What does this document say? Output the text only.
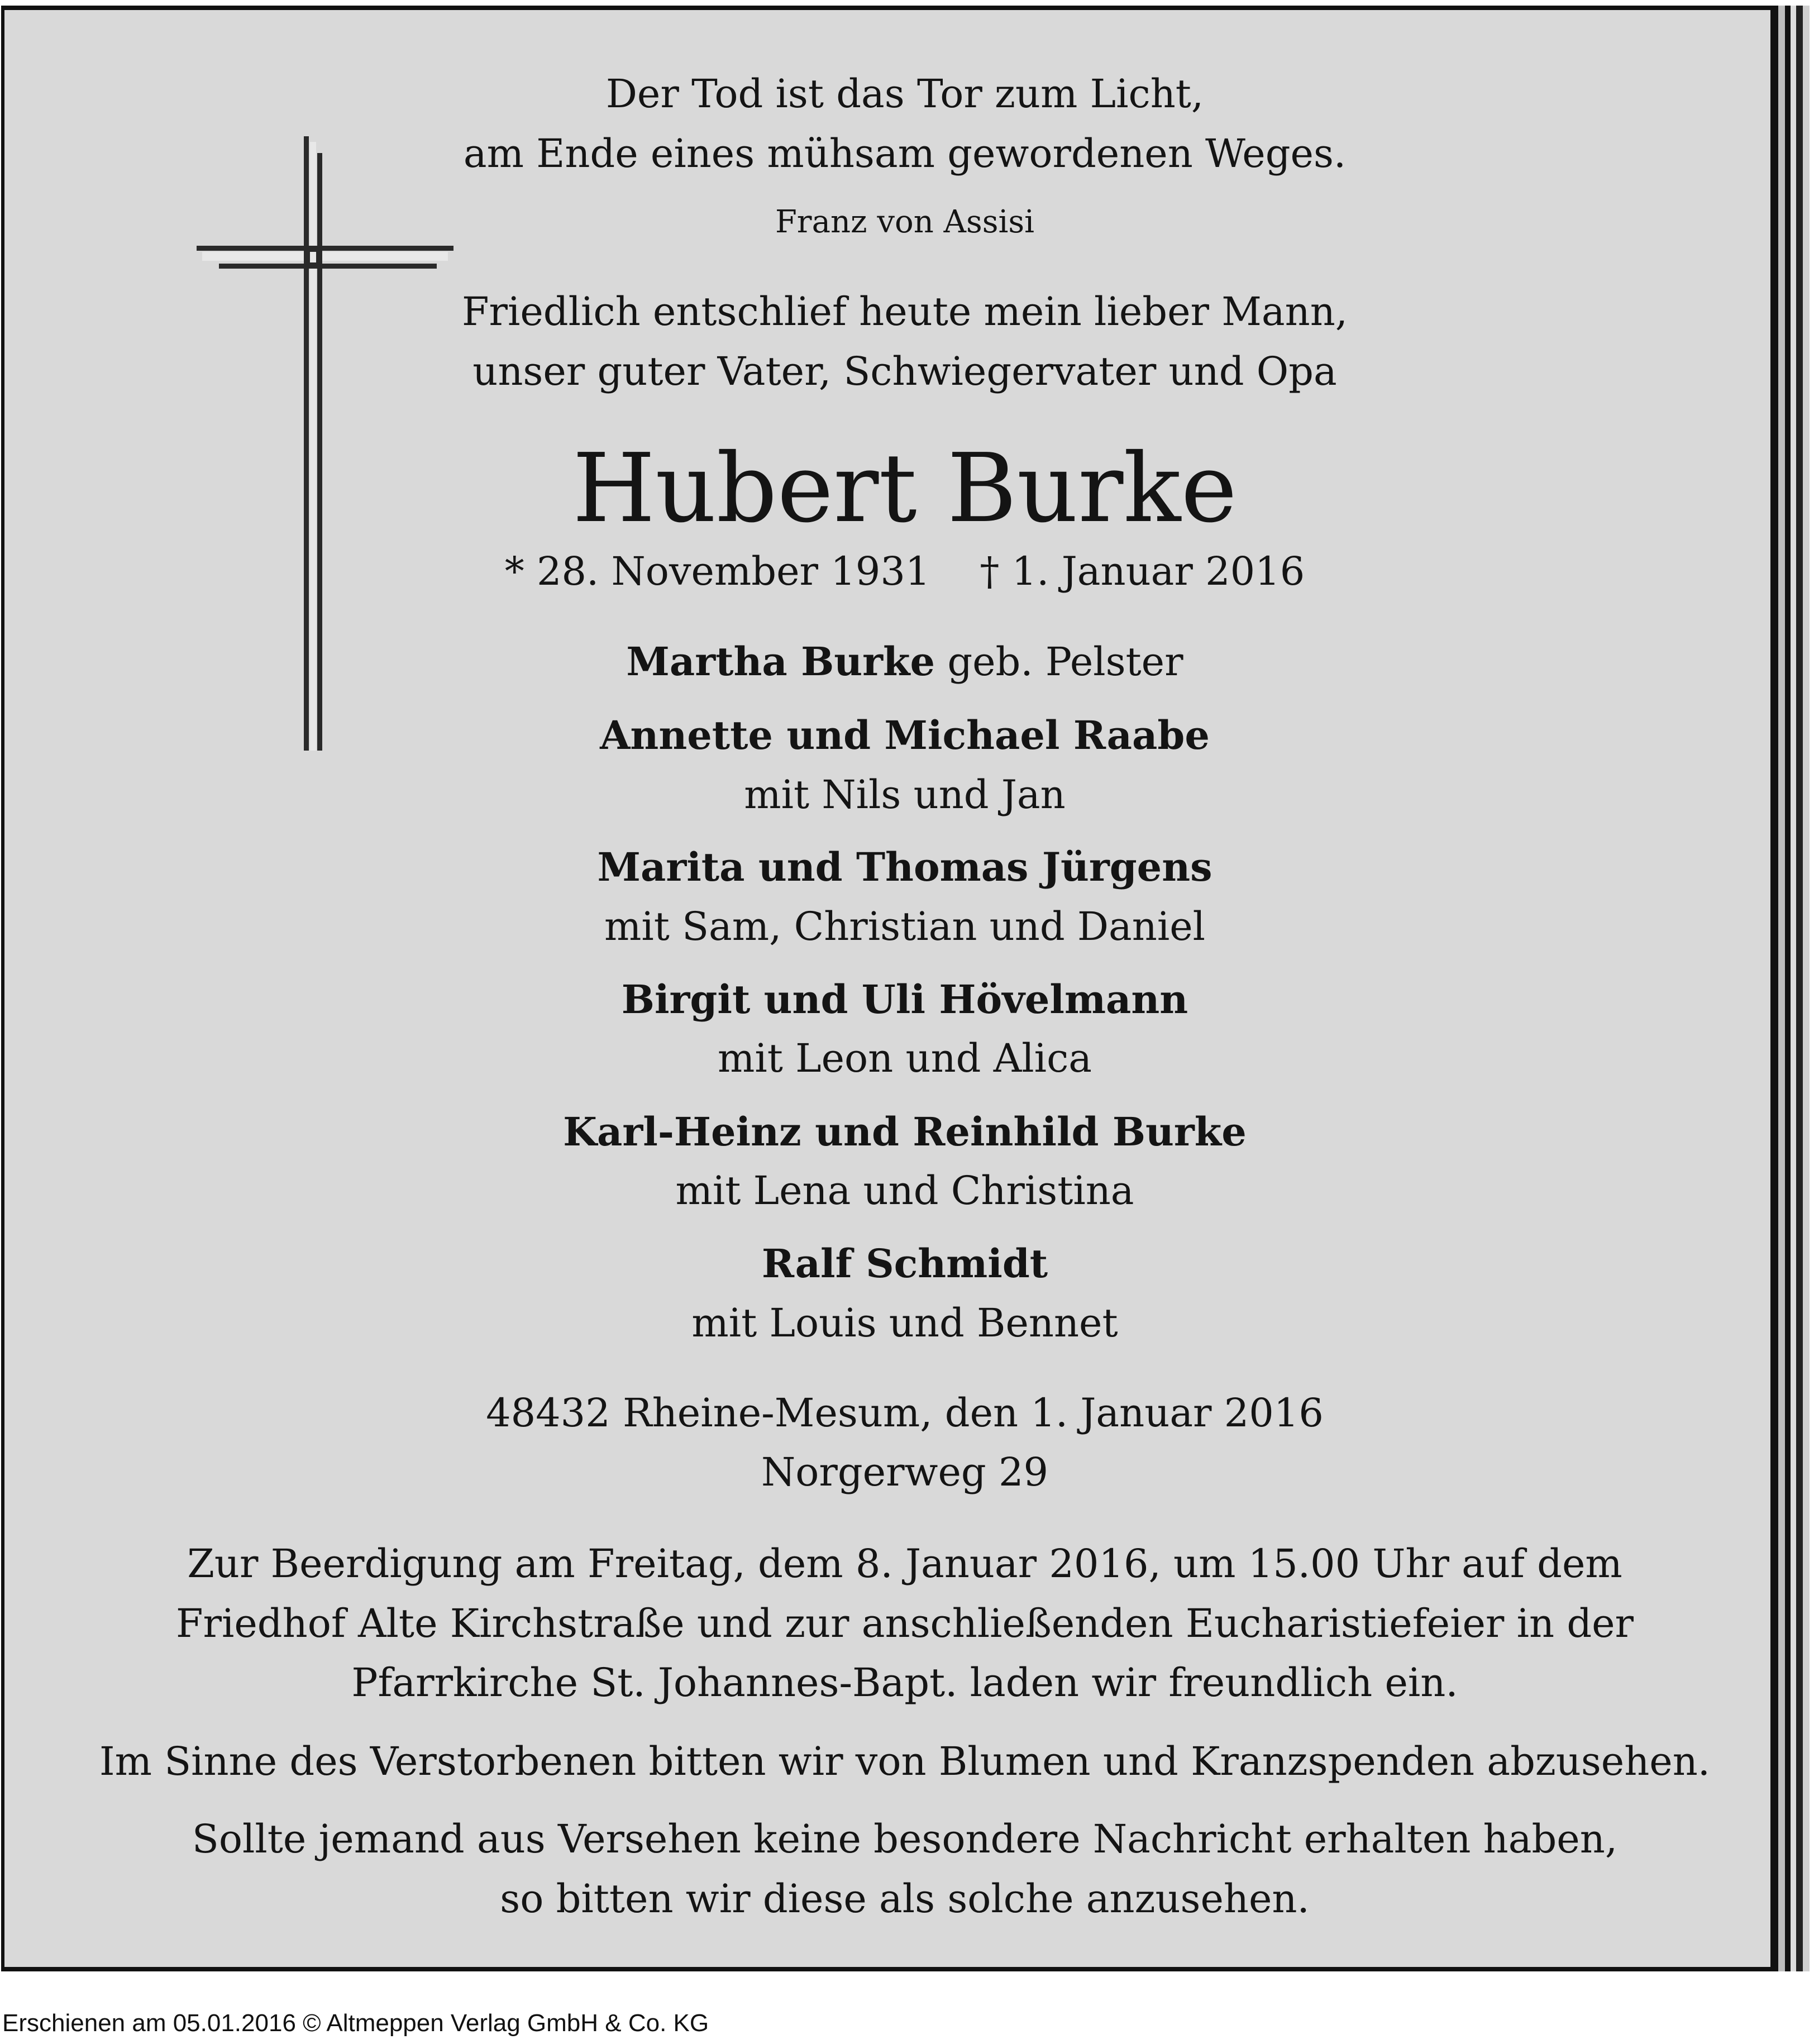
Der Tod ist das Tor zum Licht,
am Ende eines mühsam gewordenen Weges.
Franz von Assisi
Friedlich entschlief heute mein lieber Mann,
unser guter Vater, Schwiegervater und Opa
Hubert Burke
* 28. November 1931    † 1. Januar 2016
Martha Burke geb. Pelster
Annette und Michael Raabe
mit Nils und Jan
Marita und Thomas Jürgens
mit Sam, Christian und Daniel
Birgit und Uli Hövelmann
mit Leon und Alica
Karl-Heinz und Reinhild Burke
mit Lena und Christina
Ralf Schmidt
mit Louis und Bennet
48432 Rheine-Mesum, den 1. Januar 2016
Norgerweg 29
Zur Beerdigung am Freitag, dem 8. Januar 2016, um 15.00 Uhr auf dem
Friedhof Alte Kirchstraße und zur anschließenden Eucharistiefeier in der
Pfarrkirche St. Johannes-Bapt. laden wir freundlich ein.
Im Sinne des Verstorbenen bitten wir von Blumen und Kranzspenden abzusehen.
Sollte jemand aus Versehen keine besondere Nachricht erhalten haben,
so bitten wir diese als solche anzusehen.
Erschienen am 05.01.2016 © Altmeppen Verlag GmbH & Co. KG
